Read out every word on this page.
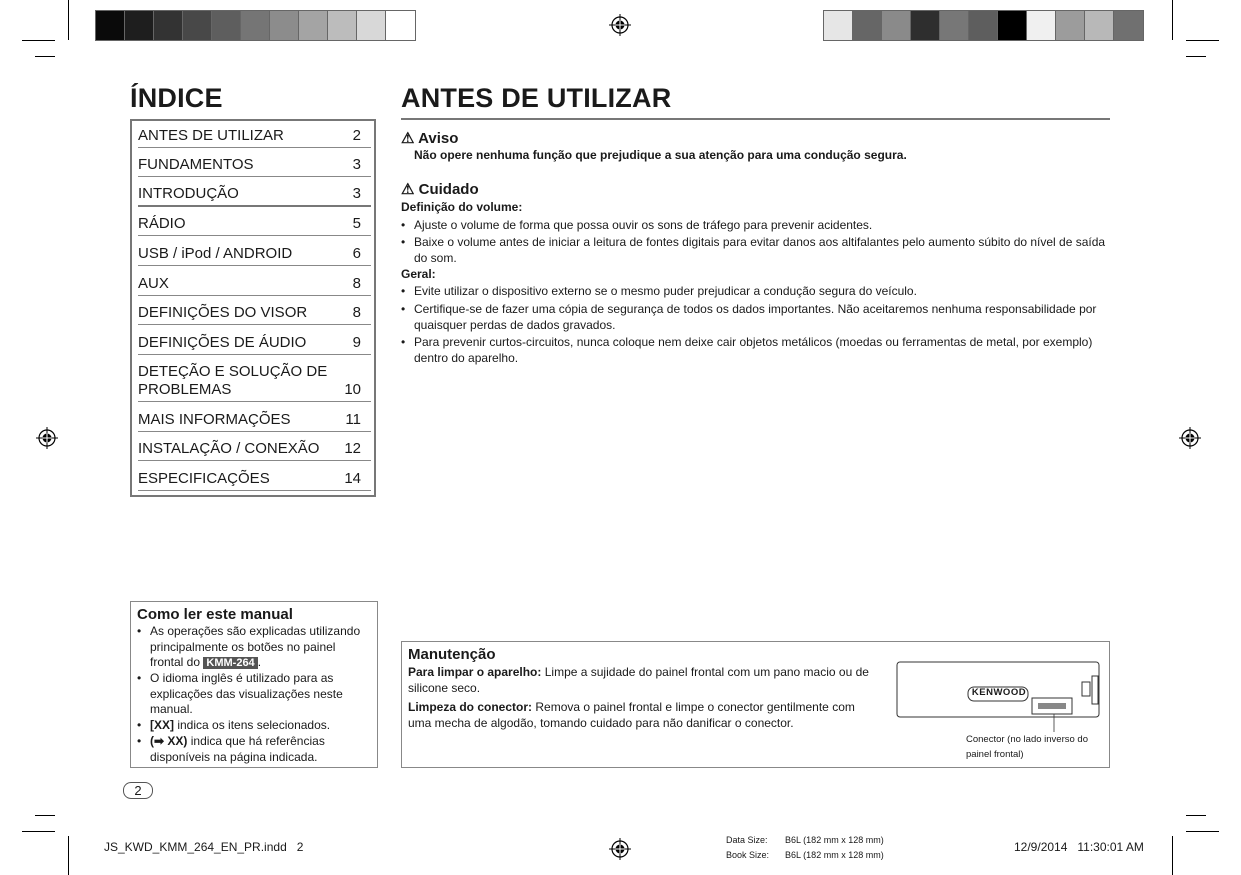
ÍNDICE
ANTES DE UTILIZAR	2
FUNDAMENTOS	3
INTRODUÇÃO	3
RÁDIO	5
USB / iPod / ANDROID	6
AUX	8
DEFINIÇÕES DO VISOR	8
DEFINIÇÕES DE ÁUDIO	9
DETEÇÃO E SOLUÇÃO DE PROBLEMAS	10
MAIS INFORMAÇÕES	11
INSTALAÇÃO / CONEXÃO	12
ESPECIFICAÇÕES	14
ANTES DE UTILIZAR
⚠ Aviso
Não opere nenhuma função que prejudique a sua atenção para uma condução segura.
⚠ Cuidado
Definição do volume:
• Ajuste o volume de forma que possa ouvir os sons de tráfego para prevenir acidentes.
• Baixe o volume antes de iniciar a leitura de fontes digitais para evitar danos aos altifalantes pelo aumento súbito do nível de saída do som.
Geral:
• Evite utilizar o dispositivo externo se o mesmo puder prejudicar a condução segura do veículo.
• Certifique-se de fazer uma cópia de segurança de todos os dados importantes. Não aceitaremos nenhuma responsabilidade por quaisquer perdas de dados gravados.
• Para prevenir curtos-circuitos, nunca coloque nem deixe cair objetos metálicos (moedas ou ferramentas de metal, por exemplo) dentro do aparelho.
Como ler este manual
• As operações são explicadas utilizando principalmente os botões no painel frontal do KMM-264 .
• O idioma inglês é utilizado para as explicações das visualizações neste manual.
• [XX] indica os itens selecionados.
• (➡ XX) indica que há referências disponíveis na página indicada.
Manutenção
Para limpar o aparelho: Limpe a sujidade do painel frontal com um pano macio ou de silicone seco.
Limpeza do conector: Remova o painel frontal e limpe o conector gentilmente com uma mecha de algodão, tomando cuidado para não danificar o conector.
KENWOOD
Conector (no lado inverso do painel frontal)
2
JS_KWD_KMM_264_EN_PR.indd   2	Data Size: B6L (182 mm x 128 mm)
Book Size: B6L (182 mm x 128 mm)
12/9/2014   11:30:01 AM
